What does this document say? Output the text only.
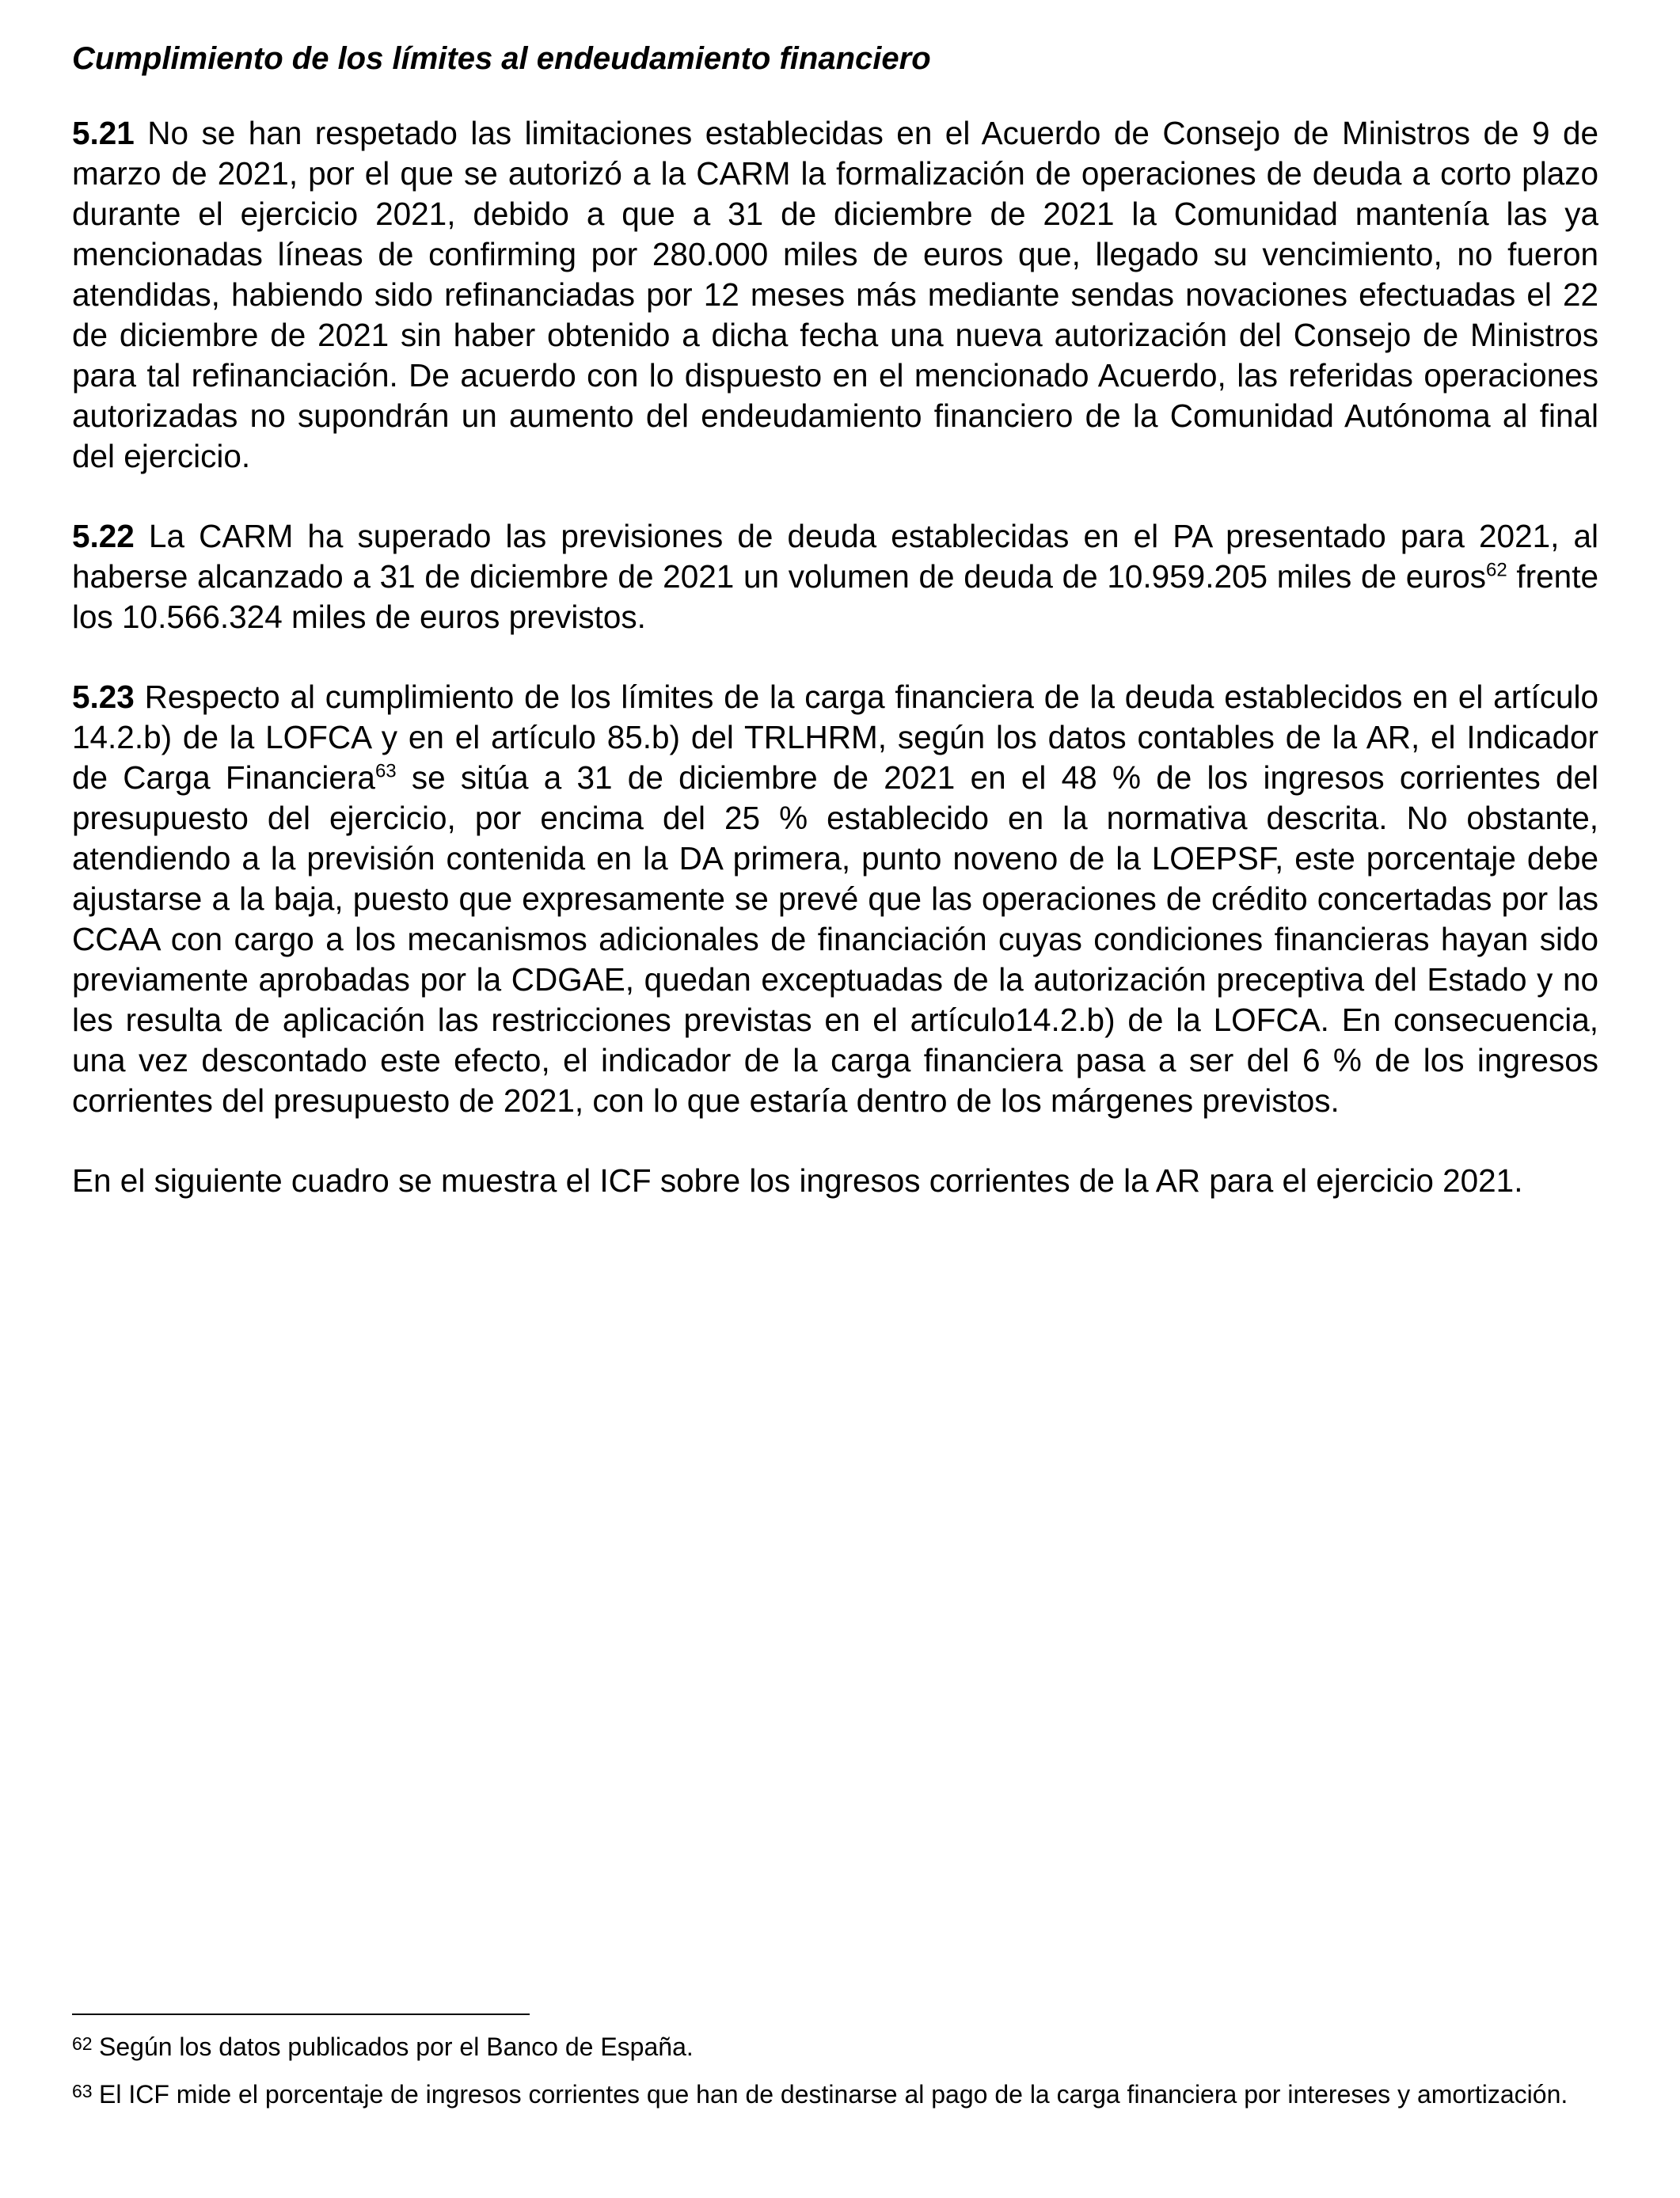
Cumplimiento de los límites al endeudamiento financiero

5.21 No se han respetado las limitaciones establecidas en el Acuerdo de Consejo de Ministros de 9 de marzo de 2021, por el que se autorizó a la CARM la formalización de operaciones de deuda a corto plazo durante el ejercicio 2021, debido a que a 31 de diciembre de 2021 la Comunidad mantenía las ya mencionadas líneas de confirming por 280.000 miles de euros que, llegado su vencimiento, no fueron atendidas, habiendo sido refinanciadas por 12 meses más mediante sendas novaciones efectuadas el 22 de diciembre de 2021 sin haber obtenido a dicha fecha una nueva autorización del Consejo de Ministros para tal refinanciación. De acuerdo con lo dispuesto en el mencionado Acuerdo, las referidas operaciones autorizadas no supondrán un aumento del endeudamiento financiero de la Comunidad Autónoma al final del ejercicio.

5.22 La CARM ha superado las previsiones de deuda establecidas en el PA presentado para 2021, al haberse alcanzado a 31 de diciembre de 2021 un volumen de deuda de 10.959.205 miles de euros$^{62}$ frente los 10.566.324 miles de euros previstos.

5.23 Respecto al cumplimiento de los límites de la carga financiera de la deuda establecidos en el artículo 14.2.b) de la LOFCA y en el artículo 85.b) del TRLHRM, según los datos contables de la AR, el Indicador de Carga Financiera$^{63}$ se sitúa a 31 de diciembre de 2021 en el 48 % de los ingresos corrientes del presupuesto del ejercicio, por encima del 25 % establecido en la normativa descrita. No obstante, atendiendo a la previsión contenida en la DA primera, punto noveno de la LOEPSF, este porcentaje debe ajustarse a la baja, puesto que expresamente se prevé que las operaciones de crédito concertadas por las CCAA con cargo a los mecanismos adicionales de financiación cuyas condiciones financieras hayan sido previamente aprobadas por la CDGAE, quedan exceptuadas de la autorización preceptiva del Estado y no les resulta de aplicación las restricciones previstas en el artículo14.2.b) de la LOFCA. En consecuencia, una vez descontado este efecto, el indicador de la carga financiera pasa a ser del 6 % de los ingresos corrientes del presupuesto de 2021, con lo que estaría dentro de los márgenes previstos.

En el siguiente cuadro se muestra el ICF sobre los ingresos corrientes de la AR para el ejercicio 2021.

62 Según los datos publicados por el Banco de España.
63 El ICF mide el porcentaje de ingresos corrientes que han de destinarse al pago de la carga financiera por intereses y amortización.
